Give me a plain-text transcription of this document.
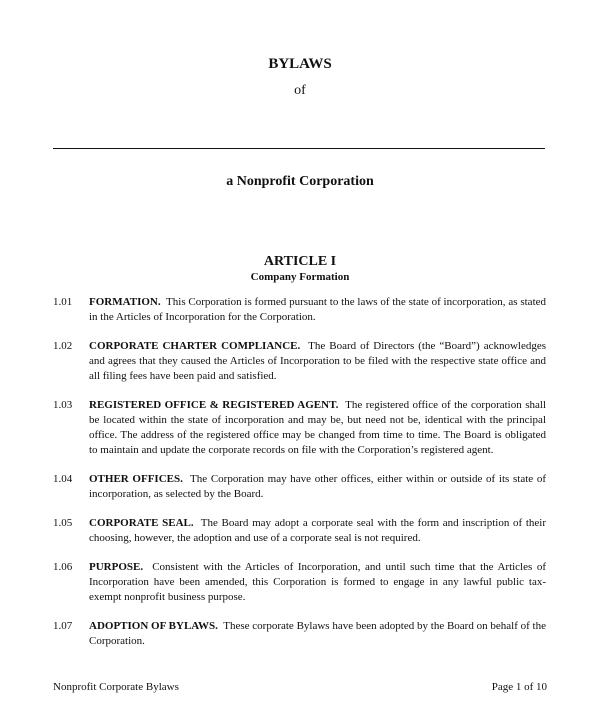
BYLAWS
of
a Nonprofit Corporation
ARTICLE I
Company Formation
1.01 FORMATION. This Corporation is formed pursuant to the laws of the state of incorporation, as stated in the Articles of Incorporation for the Corporation.
1.02 CORPORATE CHARTER COMPLIANCE. The Board of Directors (the “Board”) acknowledges and agrees that they caused the Articles of Incorporation to be filed with the respective state office and all filing fees have been paid and satisfied.
1.03 REGISTERED OFFICE & REGISTERED AGENT. The registered office of the corporation shall be located within the state of incorporation and may be, but need not be, identical with the principal office. The address of the registered office may be changed from time to time. The Board is obligated to maintain and update the corporate records on file with the Corporation’s registered agent.
1.04 OTHER OFFICES. The Corporation may have other offices, either within or outside of its state of incorporation, as selected by the Board.
1.05 CORPORATE SEAL. The Board may adopt a corporate seal with the form and inscription of their choosing, however, the adoption and use of a corporate seal is not required.
1.06 PURPOSE. Consistent with the Articles of Incorporation, and until such time that the Articles of Incorporation have been amended, this Corporation is formed to engage in any lawful public tax-exempt nonprofit business purpose.
1.07 ADOPTION OF BYLAWS. These corporate Bylaws have been adopted by the Board on behalf of the Corporation.
Nonprofit Corporate Bylaws	Page 1 of 10
